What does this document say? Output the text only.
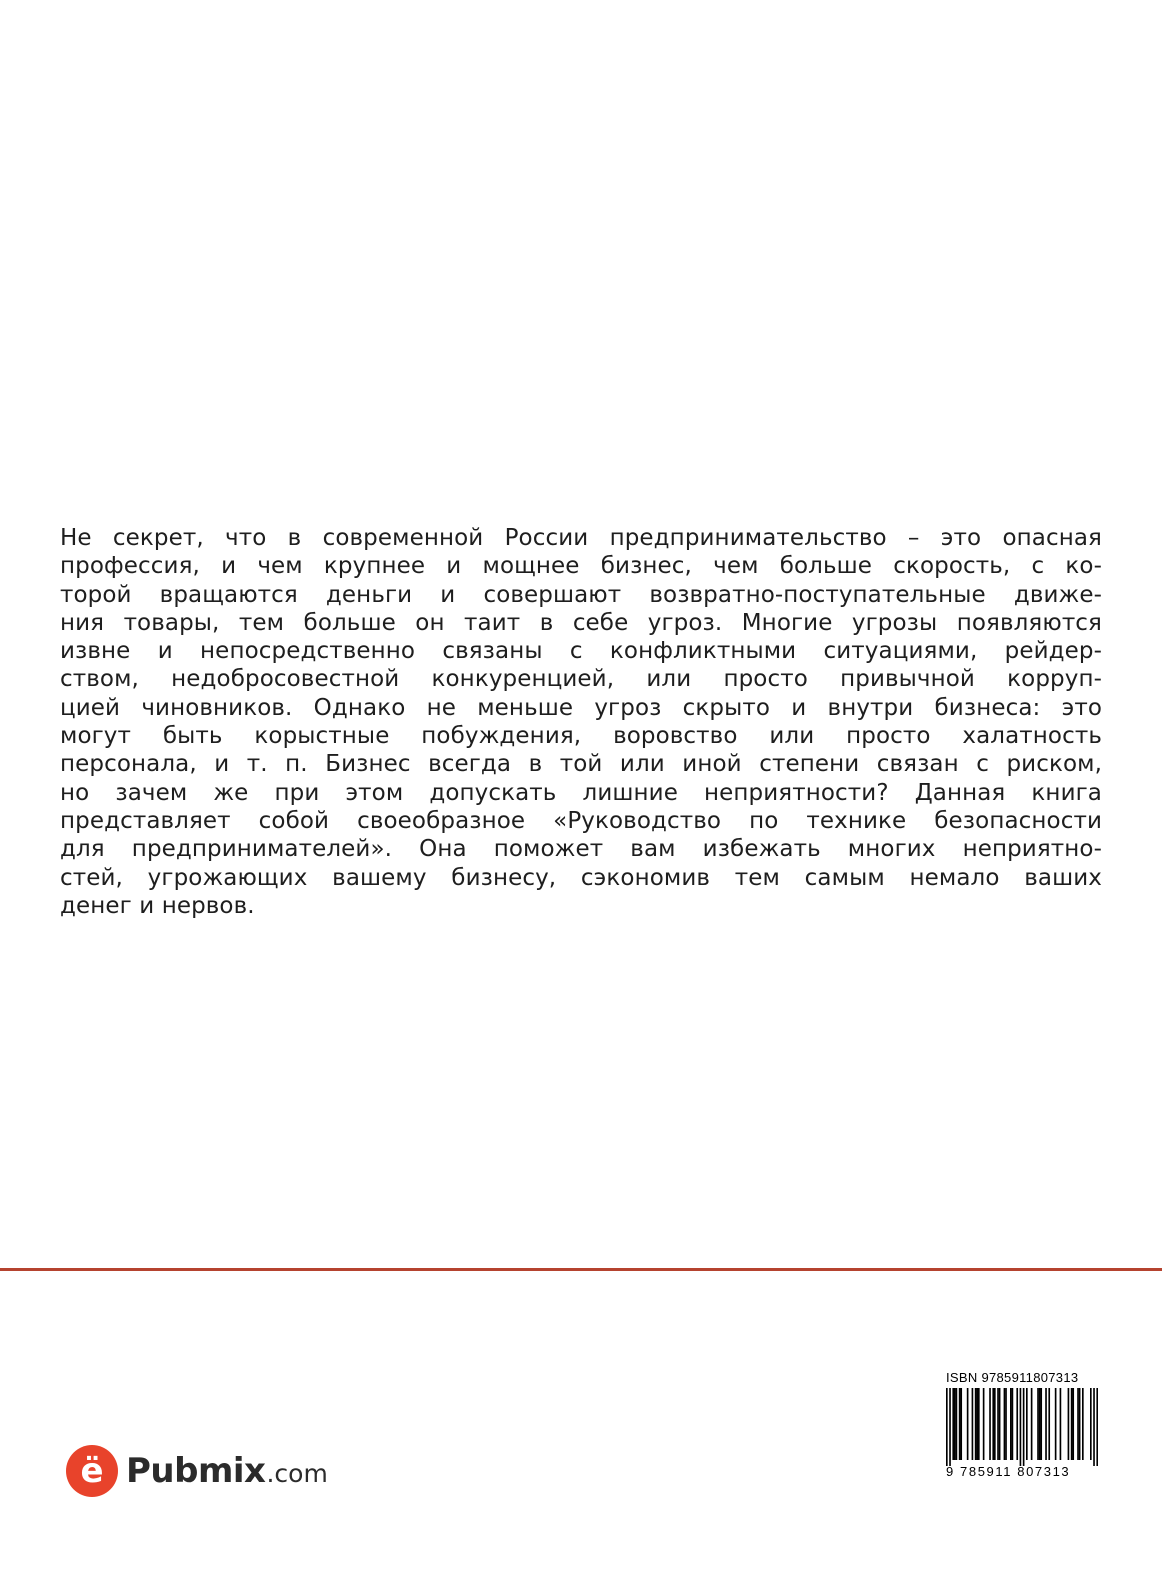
Не секрет, что в современной России предпринимательство – это опасная
профессия, и чем крупнее и мощнее бизнес, чем больше скорость, с ко-
торой вращаются деньги и совершают возвратно-поступательные движе-
ния товары, тем больше он таит в себе угроз. Многие угрозы появляются
извне и непосредственно связаны с конфликтными ситуациями, рейдер-
ством, недобросовестной конкуренцией, или просто привычной корруп-
цией чиновников. Однако не меньше угроз скрыто и внутри бизнеса: это
могут быть корыстные побуждения, воровство или просто халатность
персонала, и т. п. Бизнес всегда в той или иной степени связан с риском,
но зачем же при этом допускать лишние неприятности? Данная книга
представляет собой своеобразное «Руководство по технике безопасности
для предпринимателей». Она поможет вам избежать многих неприятно-
стей, угрожающих вашему бизнесу, сэкономив тем самым немало ваших
денег и нервов.
ё Pubmix .com
ISBN 9785911807313
9 785911 807313
